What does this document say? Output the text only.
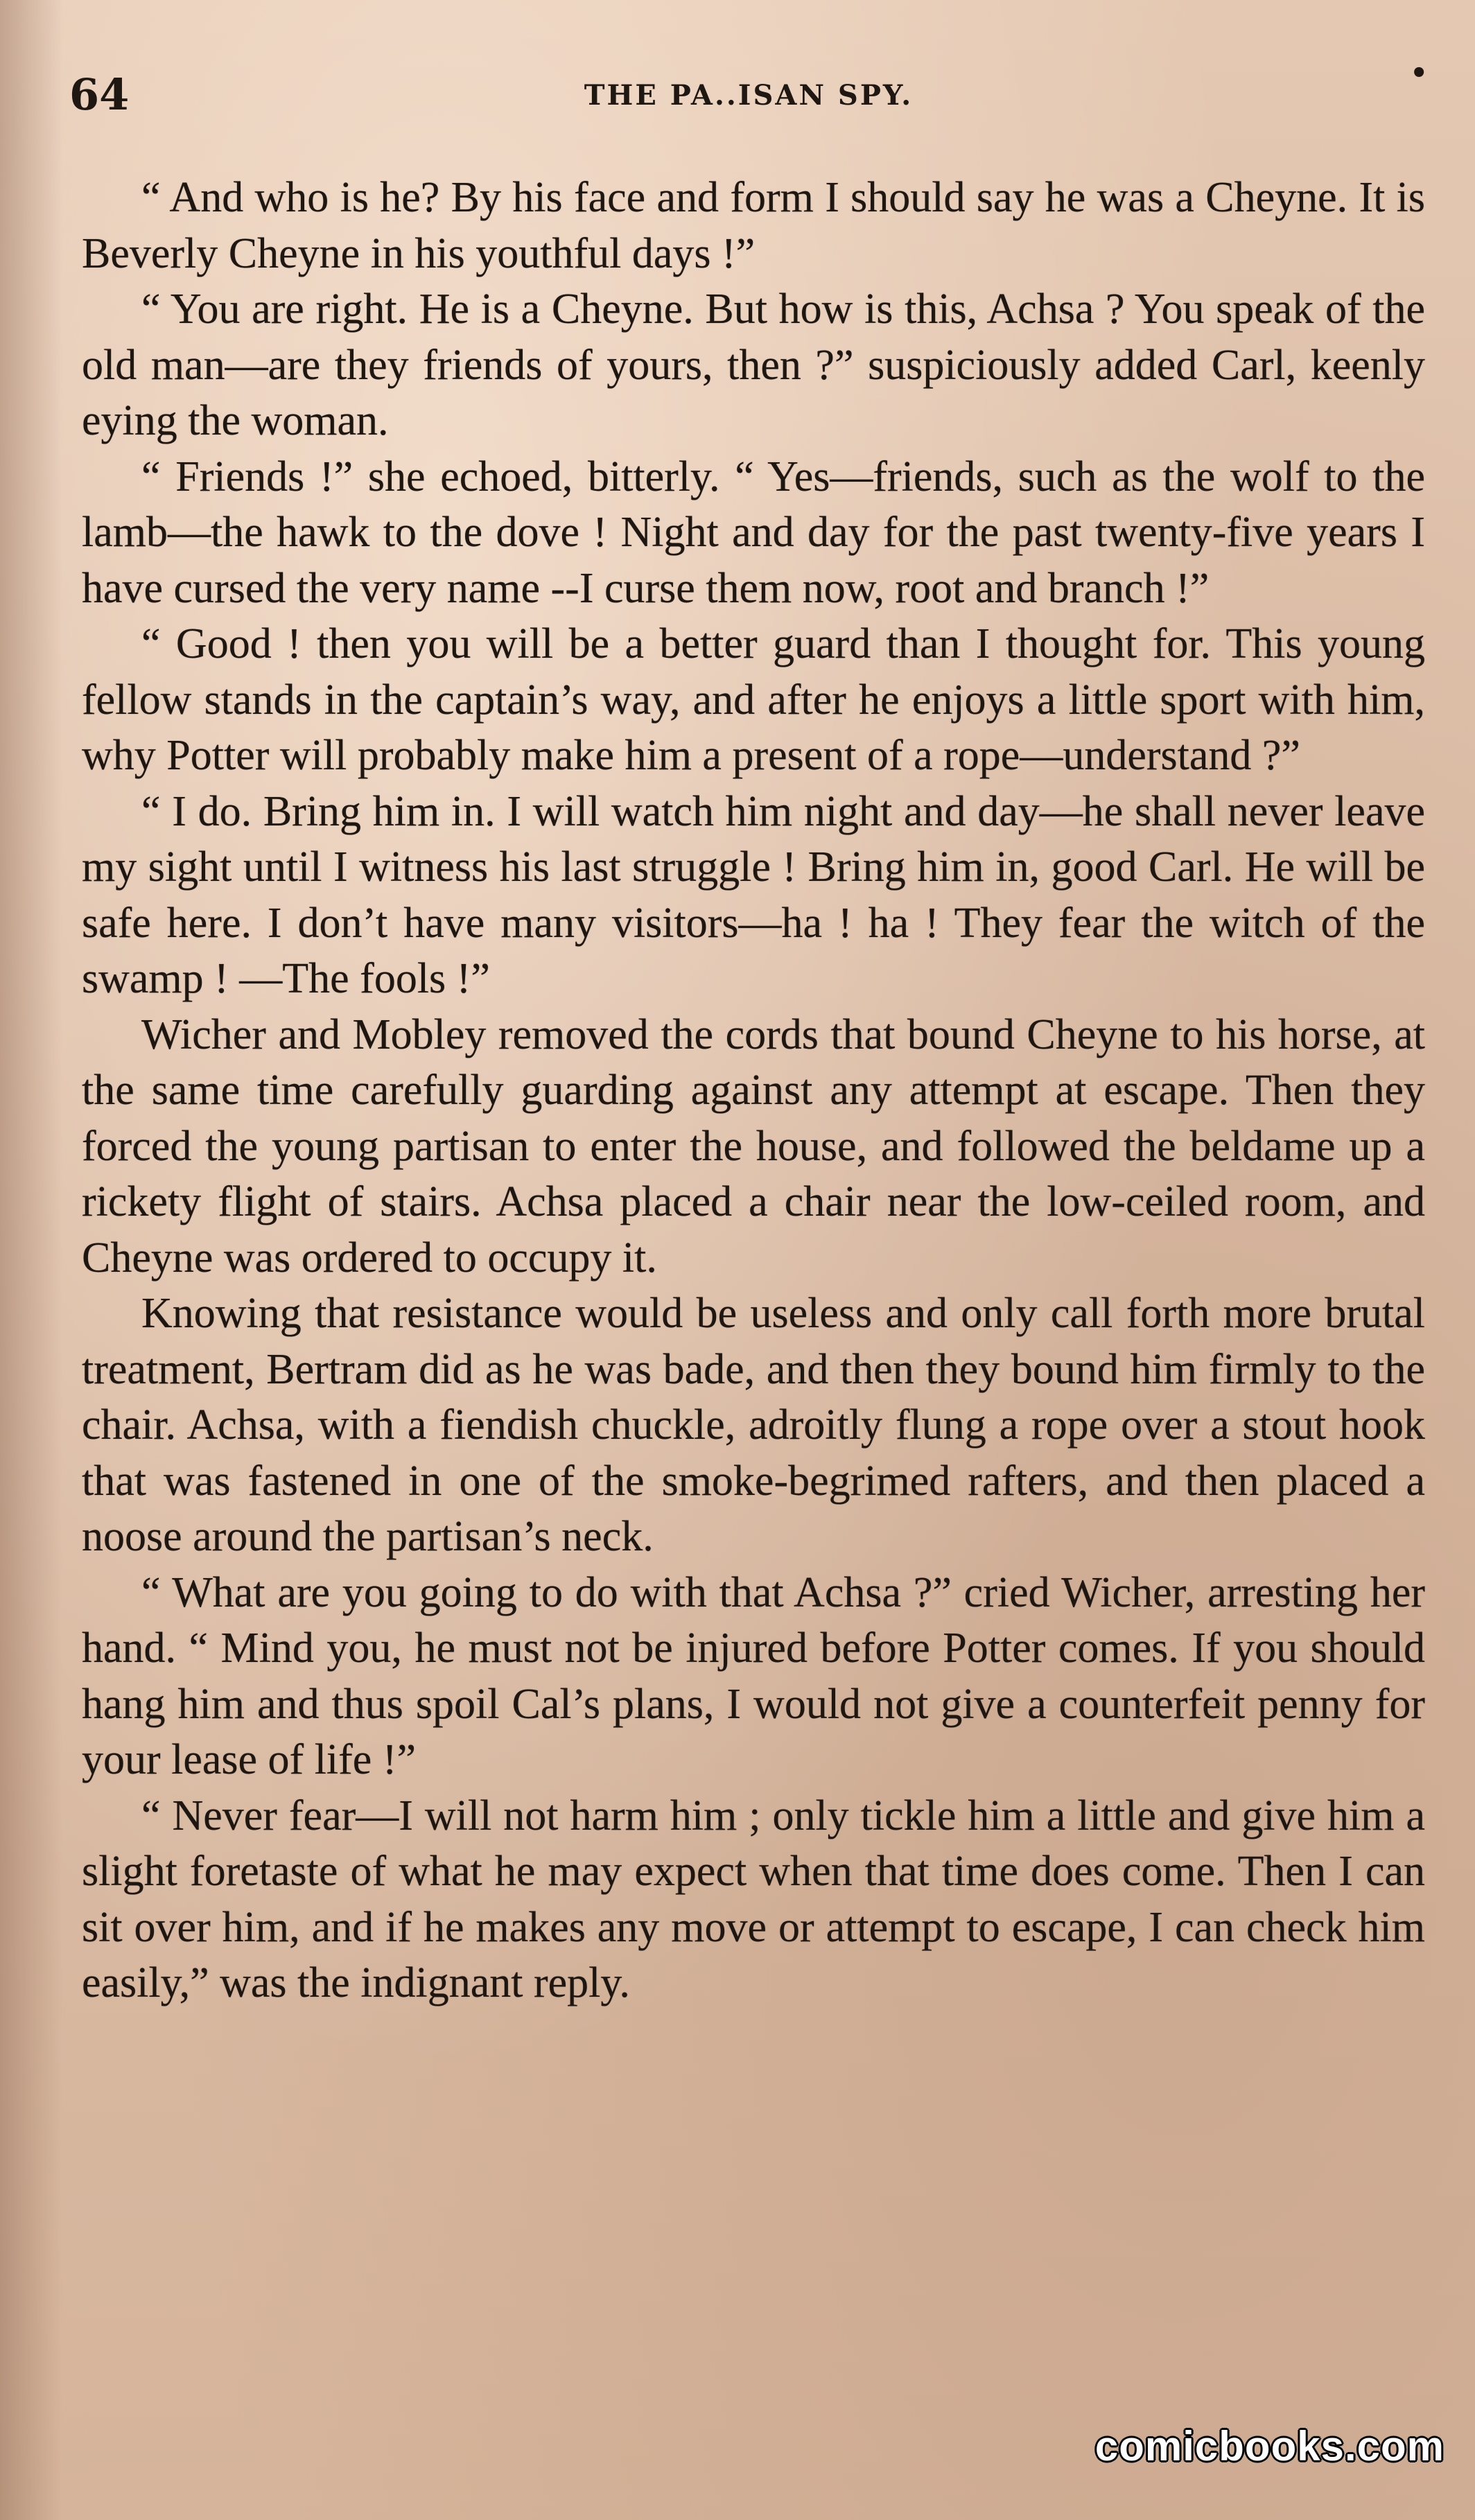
64	THE PA..ISAN SPY.
•

“ And who is he? By his face and form I should say he was a Cheyne. It is Beverly Cheyne in his youthful days !”

“ You are right. He is a Cheyne. But how is this, Achsa ? You speak of the old man—are they friends of yours, then ?” suspiciously added Carl, keenly eying the woman.

“ Friends !” she echoed, bitterly. “ Yes—friends, such as the wolf to the lamb—the hawk to the dove ! Night and day for the past twenty-five years I have cursed the very name --I curse them now, root and branch !”

“ Good ! then you will be a better guard than I thought for. This young fellow stands in the captain’s way, and after he enjoys a little sport with him, why Potter will probably make him a present of a rope—understand ?”

“ I do. Bring him in. I will watch him night and day—he shall never leave my sight until I witness his last struggle ! Bring him in, good Carl. He will be safe here. I don’t have many visitors—ha ! ha ! They fear the witch of the swamp ! —The fools !”

Wicher and Mobley removed the cords that bound Cheyne to his horse, at the same time carefully guarding against any attempt at escape. Then they forced the young partisan to enter the house, and followed the beldame up a rickety flight of stairs. Achsa placed a chair near the low-ceiled room, and Cheyne was ordered to occupy it.

Knowing that resistance would be useless and only call forth more brutal treatment, Bertram did as he was bade, and then they bound him firmly to the chair. Achsa, with a fiendish chuckle, adroitly flung a rope over a stout hook that was fastened in one of the smoke-begrimed rafters, and then placed a noose around the partisan’s neck.

“ What are you going to do with that Achsa ?” cried Wicher, arresting her hand. “ Mind you, he must not be injured before Potter comes. If you should hang him and thus spoil Cal’s plans, I would not give a counterfeit penny for your lease of life !”

“ Never fear—I will not harm him ; only tickle him a little and give him a slight foretaste of what he may expect when that time does come. Then I can sit over him, and if he makes any move or attempt to escape, I can check him easily,” was the indignant reply.

comicbooks.com
